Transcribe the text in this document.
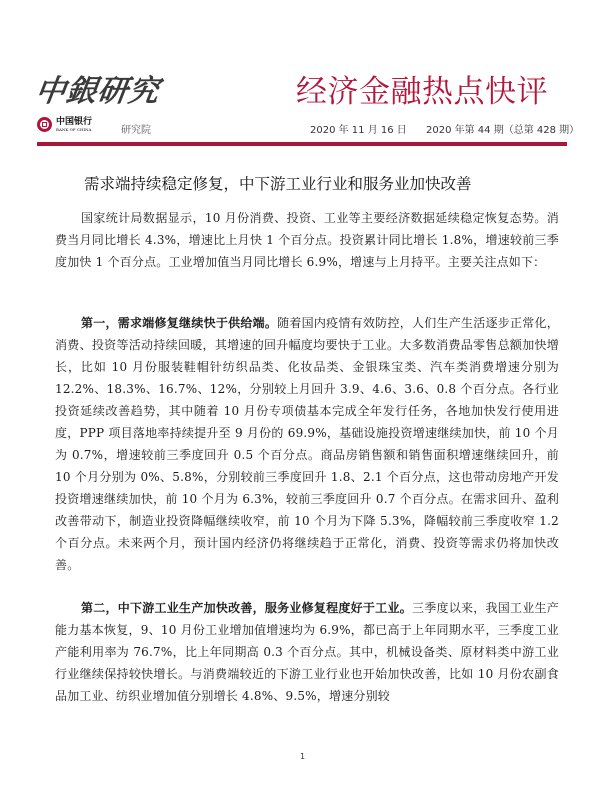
中銀研究	经济金融热点快评
中国银行
BANK OF CHINA	研究院	2020 年 11 月 16 日 2020 年第 44 期（总第 428 期）
需求端持续稳定修复，中下游工业行业和服务业加快改善

国家统计局数据显示，10 月份消费、投资、工业等主要经济数据延续稳定恢复态势。消费当月同比增长 4.3%，增速比上月快 1 个百分点。投资累计同比增长 1.8%，增速较前三季度加快 1 个百分点。工业增加值当月同比增长 6.9%，增速与上月持平。主要关注点如下：

第一，需求端修复继续快于供给端。随着国内疫情有效防控，人们生产生活逐步正常化，消费、投资等活动持续回暖，其增速的回升幅度均要快于工业。大多数消费品零售总额加快增长，比如 10 月份服装鞋帽针纺织品类、化妆品类、金银珠宝类、汽车类消费增速分别为 12.2%、18.3%、16.7%、12%，分别较上月回升 3.9、4.6、3.6、0.8 个百分点。各行业投资延续改善趋势，其中随着 10 月份专项债基本完成全年发行任务，各地加快发行使用进度，PPP 项目落地率持续提升至 9 月份的 69.9%，基础设施投资增速继续加快，前 10 个月为 0.7%，增速较前三季度回升 0.5 个百分点。商品房销售额和销售面积增速继续回升，前 10 个月分别为 0%、5.8%，分别较前三季度回升 1.8、2.1 个百分点，这也带动房地产开发投资增速继续加快，前 10 个月为 6.3%，较前三季度回升 0.7 个百分点。在需求回升、盈利改善带动下，制造业投资降幅继续收窄，前 10 个月为下降 5.3%，降幅较前三季度收窄 1.2 个百分点。未来两个月，预计国内经济仍将继续趋于正常化，消费、投资等需求仍将加快改善。

第二，中下游工业生产加快改善，服务业修复程度好于工业。三季度以来，我国工业生产能力基本恢复，9、10 月份工业增加值增速均为 6.9%，都已高于上年同期水平，三季度工业产能利用率为 76.7%，比上年同期高 0.3 个百分点。其中，机械设备类、原材料类中游工业行业继续保持较快增长。与消费端较近的下游工业行业也开始加快改善，比如 10 月份农副食品加工业、纺织业增加值分别增长 4.8%、9.5%，增速分别较

1
